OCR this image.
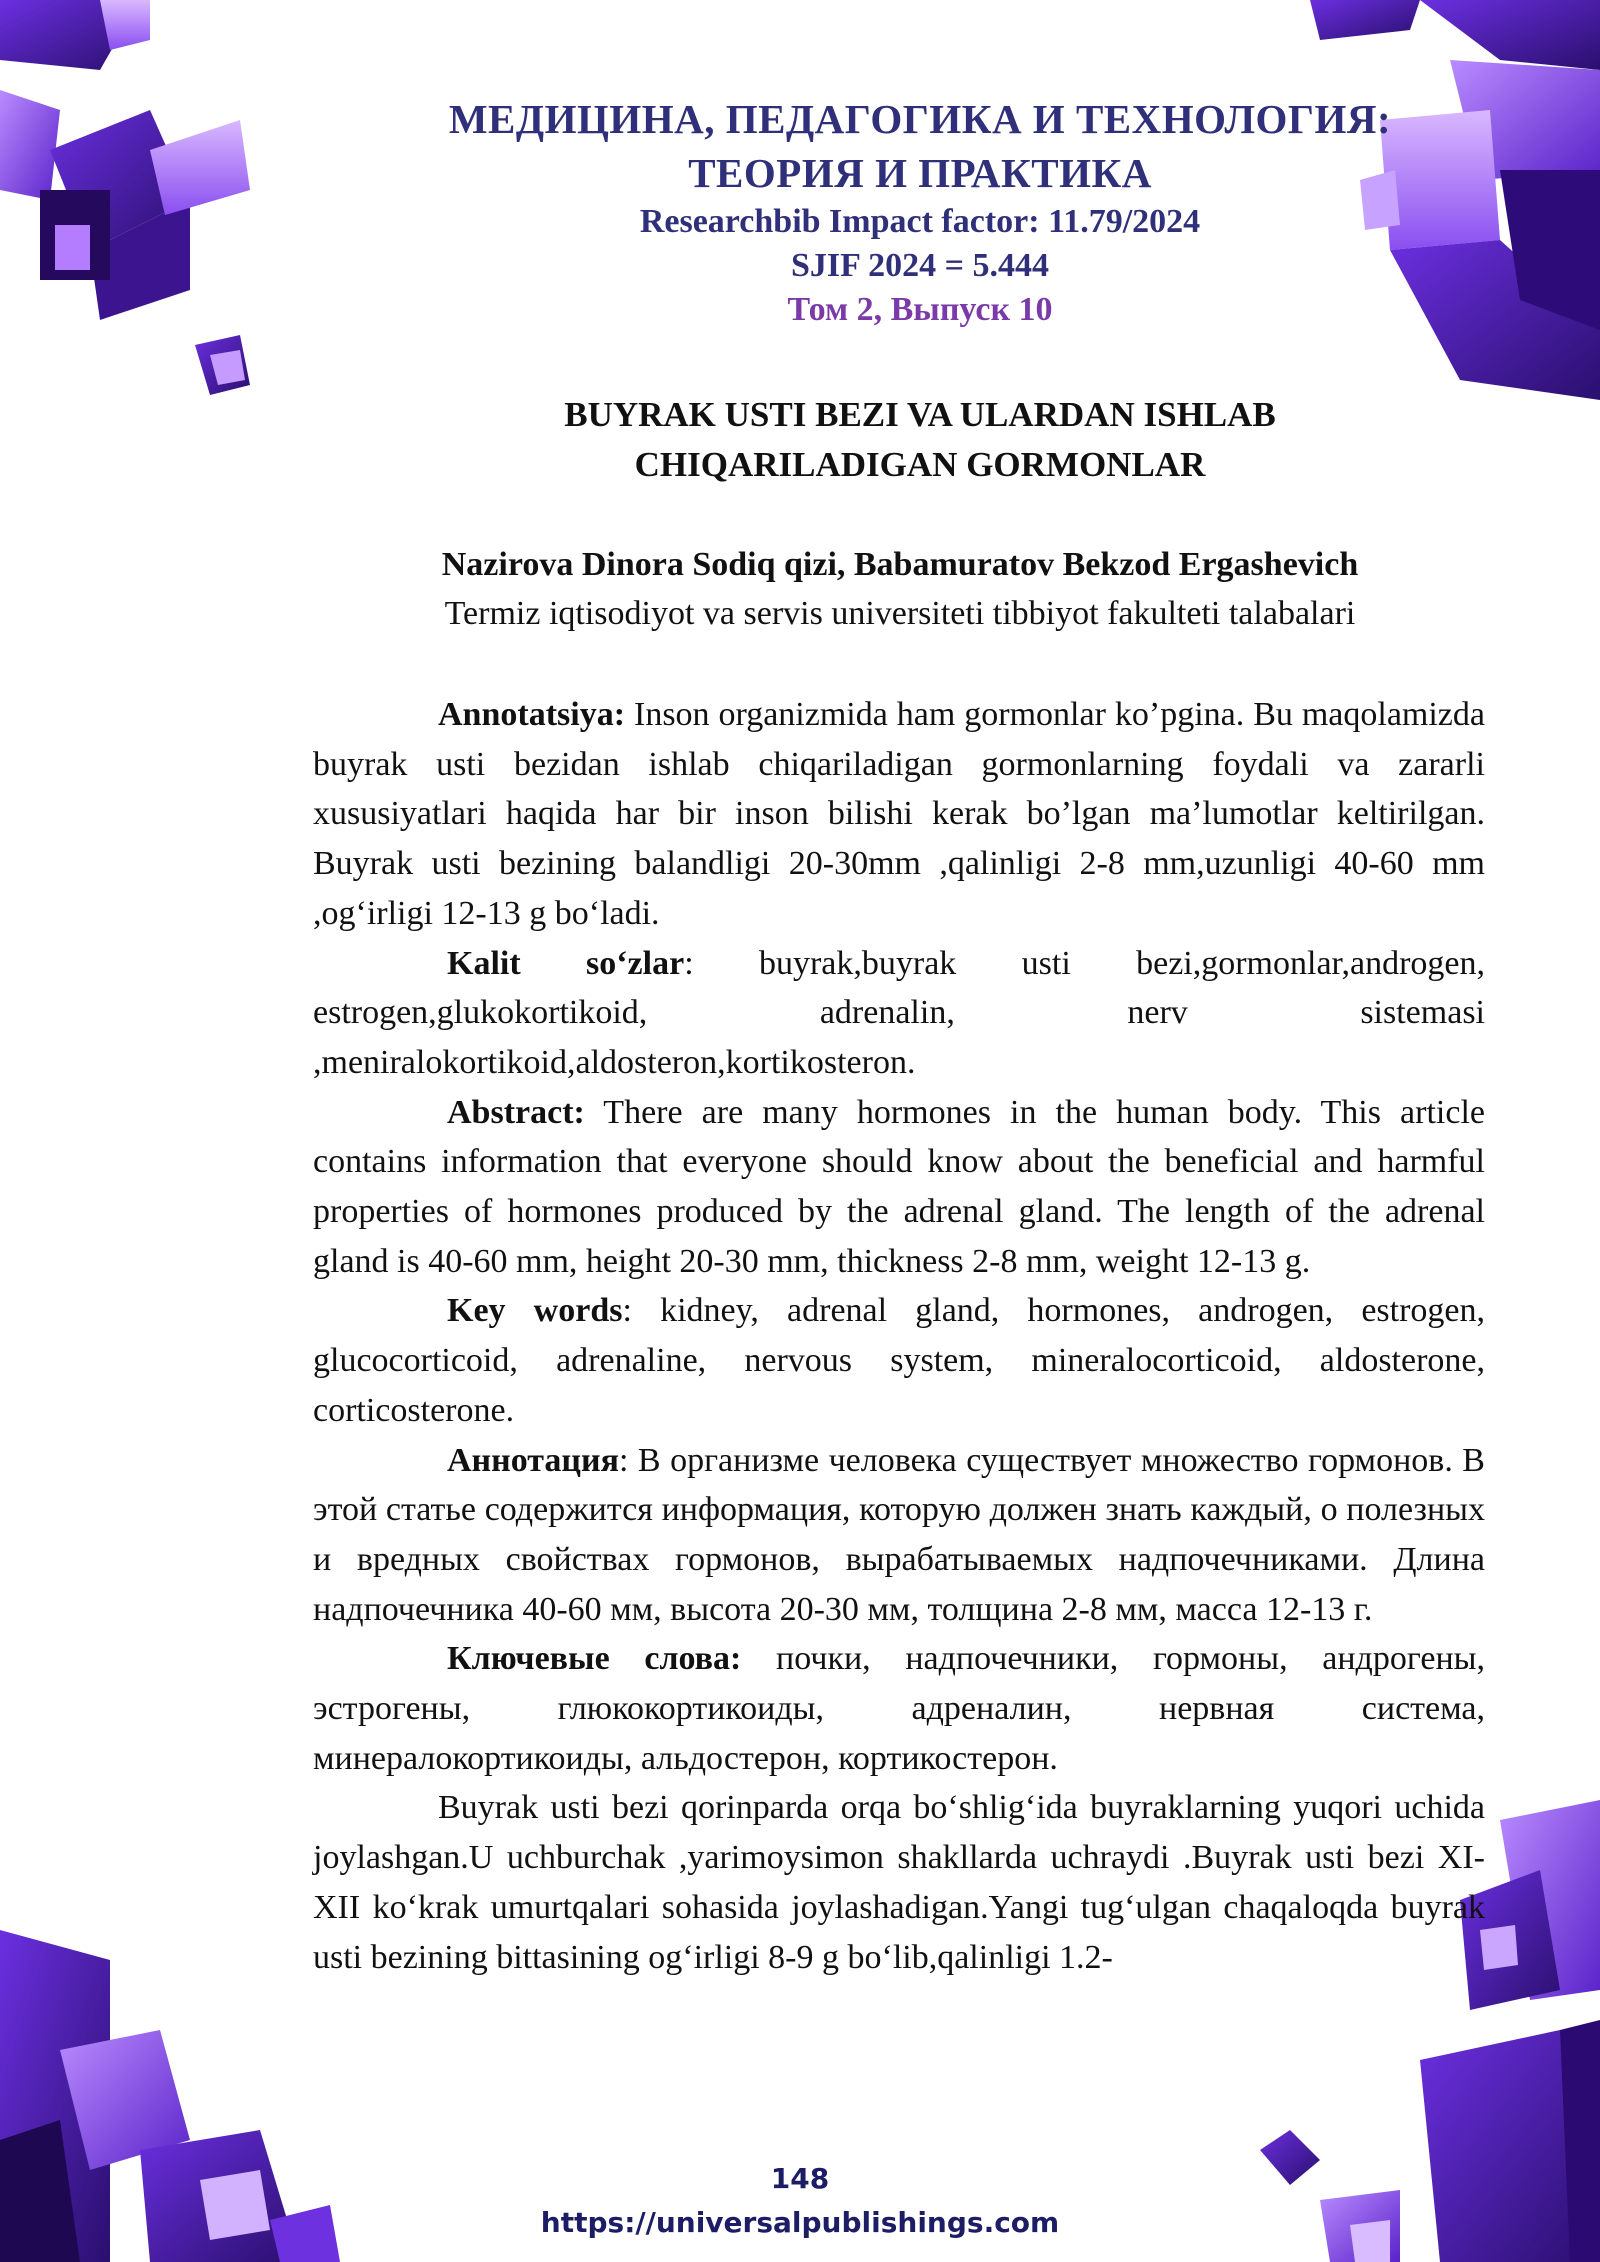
МЕДИЦИНА, ПЕДАГОГИКА И ТЕХНОЛОГИЯ:
ТЕОРИЯ И ПРАКТИКА
Researchbib Impact factor: 11.79/2024
SJIF 2024 = 5.444
Том 2, Выпуск 10
BUYRAK USTI BEZI VA ULARDAN ISHLAB
CHIQARILADIGAN GORMONLAR
Nazirova Dinora Sodiq qizi, Babamuratov Bekzod Ergashevich
Termiz iqtisodiyot va servis universiteti tibbiyot fakulteti talabalari

Annotatsiya: Inson organizmida ham gormonlar ko’pgina. Bu maqolamizda buyrak usti bezidan ishlab chiqariladigan gormonlarning foydali va zararli xususiyatlari haqida har bir inson bilishi kerak bo’lgan ma’lumotlar keltirilgan. Buyrak usti bezining balandligi 20-30mm ,qalinligi 2-8 mm,uzunligi 40-60 mm ,og‘irligi 12-13 g bo‘ladi.

Kalit so‘zlar: buyrak,buyrak usti bezi,gormonlar,androgen, estrogen,glukokortikoid, adrenalin, nerv sistemasi ,meniralokortikoid,aldosteron,kortikosteron.

Abstract: There are many hormones in the human body. This article contains information that everyone should know about the beneficial and harmful properties of hormones produced by the adrenal gland. The length of the adrenal gland is 40-60 mm, height 20-30 mm, thickness 2-8 mm, weight 12-13 g.

Key words: kidney, adrenal gland, hormones, androgen, estrogen, glucocorticoid, adrenaline, nervous system, mineralocorticoid, aldosterone, corticosterone.

Аннотация: В организме человека существует множество гормонов. В этой статье содержится информация, которую должен знать каждый, о полезных и вредных свойствах гормонов, вырабатываемых надпочечниками. Длина надпочечника 40-60 мм, высота 20-30 мм, толщина 2-8 мм, масса 12-13 г.

Ключевые слова: почки, надпочечники, гормоны, андрогены, эстрогены, глюкокортикоиды, адреналин, нервная система, минералокортикоиды, альдостерон, кортикостерон.

Buyrak usti bezi qorinparda orqa bo‘shlig‘ida buyraklarning yuqori uchida joylashgan.U uchburchak ,yarimoysimon shakllarda uchraydi .Buyrak usti bezi XI-XII ko‘krak umurtqalari sohasida joylashadigan.Yangi tug‘ulgan chaqaloqda buyrak usti bezining bittasining og‘irligi 8-9 g bo‘lib,qalinligi 1.2-

148
https://universalpublishings.com
